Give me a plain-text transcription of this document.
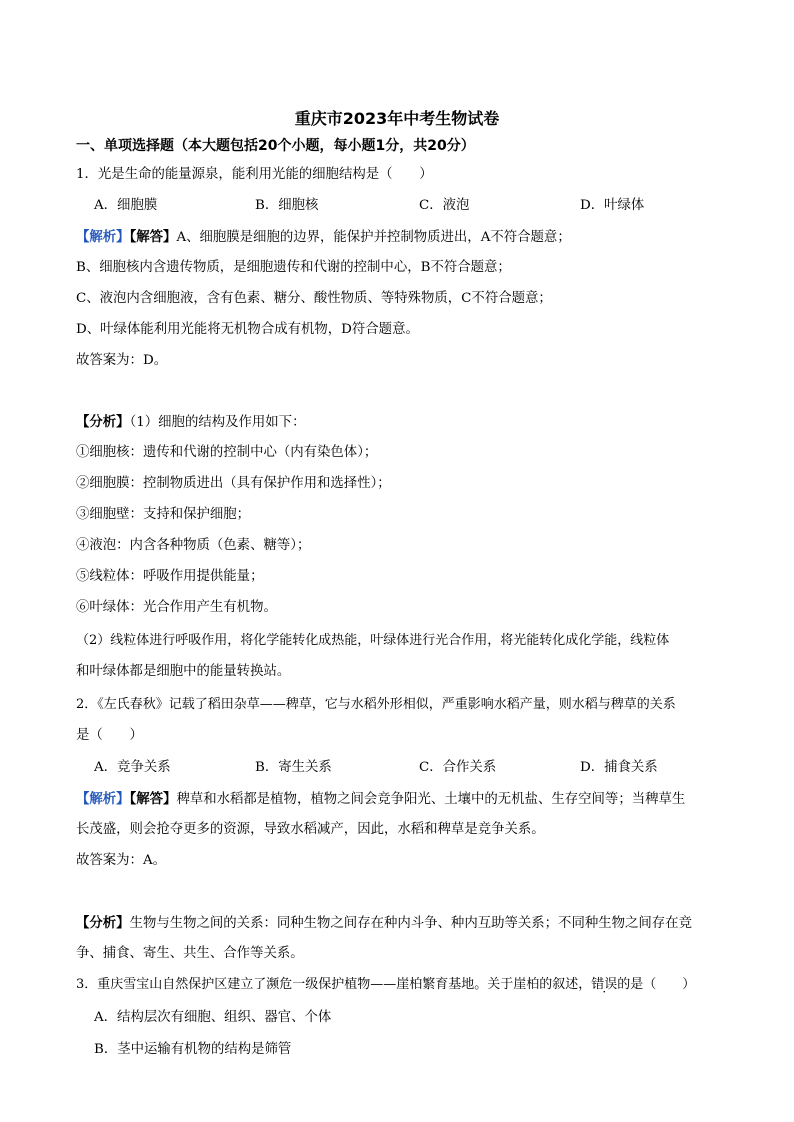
重庆市2023年中考生物试卷
一、单项选择题（本大题包括20个小题，每小题1分，共20分）
1．光是生命的能量源泉，能利用光能的细胞结构是（　　）
A．细胞膜	B．细胞核	C．液泡	D．叶绿体
【解析】【解答】A、细胞膜是细胞的边界，能保护并控制物质进出，A不符合题意；
B、细胞核内含遗传物质，是细胞遗传和代谢的控制中心，B不符合题意；
C、液泡内含细胞液，含有色素、糖分、酸性物质、等特殊物质，C不符合题意；
D、叶绿体能利用光能将无机物合成有机物，D符合题意。
故答案为：D。
【分析】（1）细胞的结构及作用如下：
①细胞核：遗传和代谢的控制中心（内有染色体）；
②细胞膜：控制物质进出（具有保护作用和选择性）；
③细胞壁：支持和保护细胞；
④液泡：内含各种物质（色素、糖等）；
⑤线粒体：呼吸作用提供能量；
⑥叶绿体：光合作用产生有机物。
（2）线粒体进行呼吸作用，将化学能转化成热能，叶绿体进行光合作用，将光能转化成化学能，线粒体
和叶绿体都是细胞中的能量转换站。
2．《左氏春秋》记载了稻田杂草——稗草，它与水稻外形相似，严重影响水稻产量，则水稻与稗草的关系
是（　　）
A．竞争关系	B．寄生关系	C．合作关系	D．捕食关系
【解析】【解答】稗草和水稻都是植物，植物之间会竞争阳光、土壤中的无机盐、生存空间等；当稗草生
长茂盛，则会抢夺更多的资源，导致水稻减产，因此，水稻和稗草是竞争关系。
故答案为：A。
【分析】生物与生物之间的关系：同种生物之间存在种内斗争、种内互助等关系；不同种生物之间存在竞
争、捕食、寄生、共生、合作等关系。
3．重庆雪宝山自然保护区建立了濒危一级保护植物——崖柏繁育基地。关于崖柏的叙述，错误的是（　　）
A．结构层次有细胞、组织、器官、个体
B．茎中运输有机物的结构是筛管
